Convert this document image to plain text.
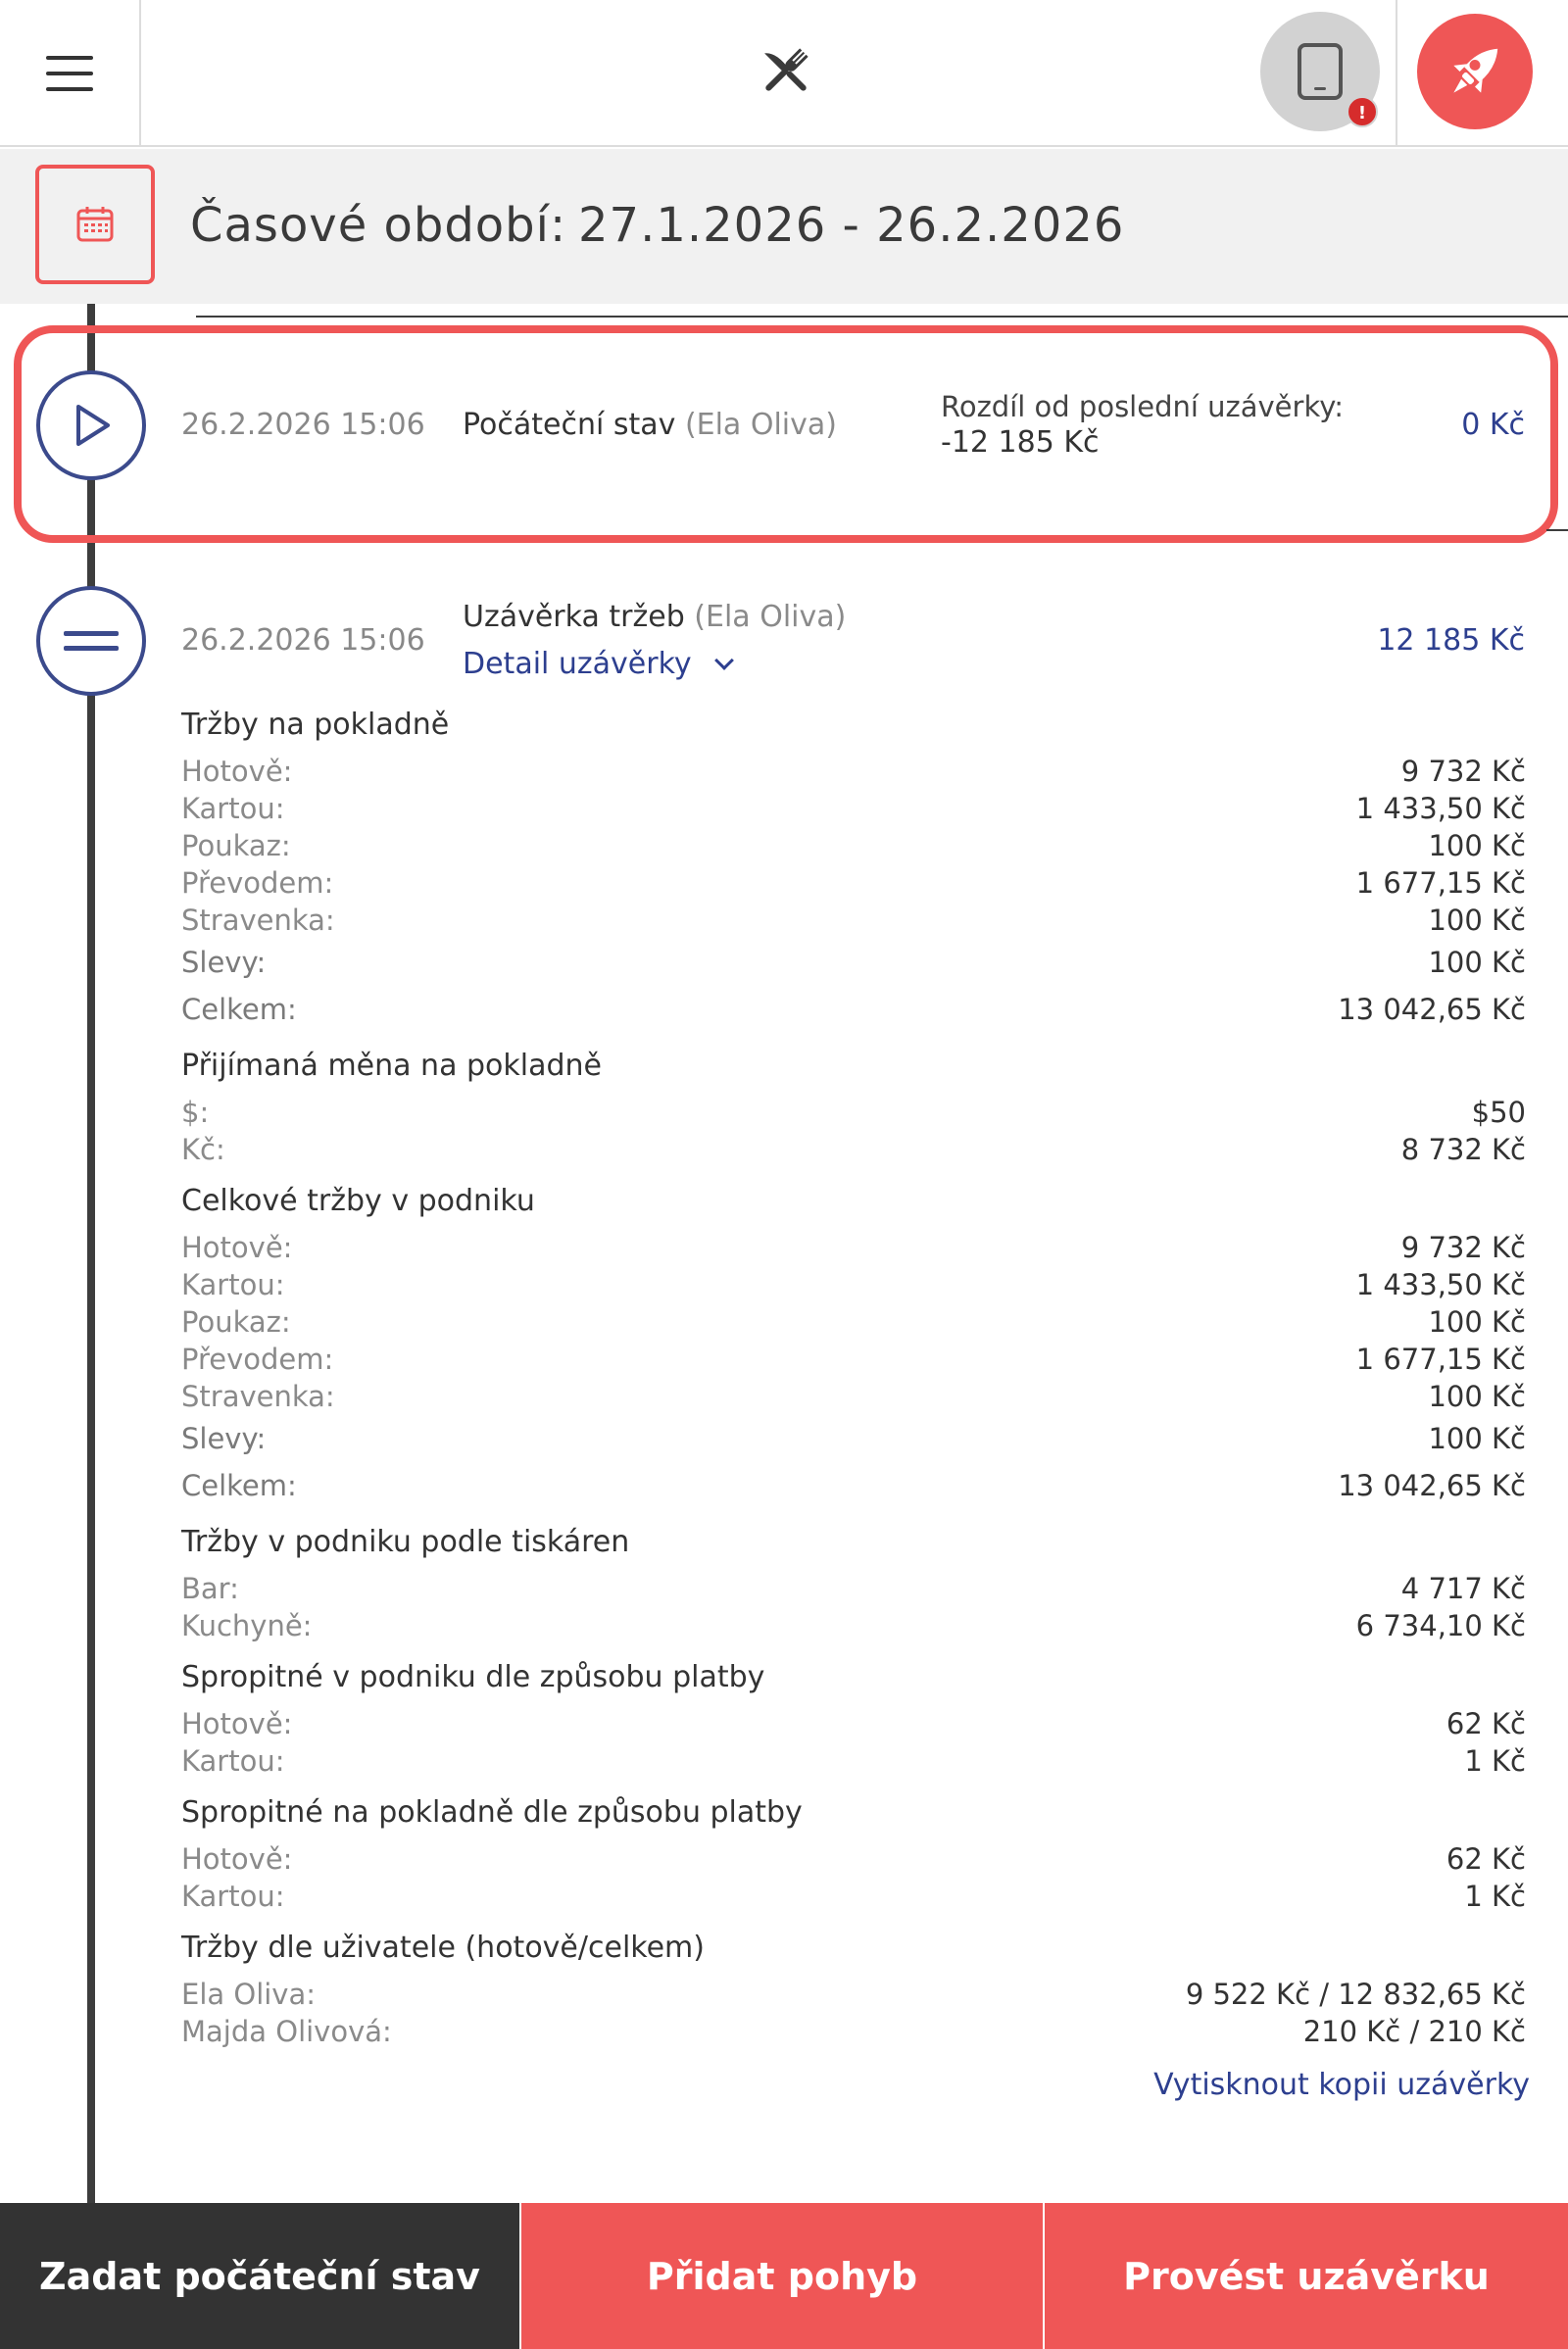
!
Časové období: 27.1.2026 - 26.2.2026
26.2.2026 15:06 Počáteční stav (Ela Oliva)
Rozdíl od poslední uzávěrky:
-12 185 Kč
0 Kč
26.2.2026 15:06
Uzávěrka tržeb (Ela Oliva)
Detail uzávěrky
12 185 Kč
Tržby na pokladně
Hotově:	9 732 Kč
Kartou:	1 433,50 Kč
Poukaz:	100 Kč
Převodem:	1 677,15 Kč
Stravenka:	100 Kč
Slevy:	100 Kč
Celkem:	13 042,65 Kč
Přijímaná měna na pokladně
$:	$50
Kč:	8 732 Kč
Celkové tržby v podniku
Hotově:	9 732 Kč
Kartou:	1 433,50 Kč
Poukaz:	100 Kč
Převodem:	1 677,15 Kč
Stravenka:	100 Kč
Slevy:	100 Kč
Celkem:	13 042,65 Kč
Tržby v podniku podle tiskáren
Bar:	4 717 Kč
Kuchyně:	6 734,10 Kč
Spropitné v podniku dle způsobu platby
Hotově:	62 Kč
Kartou:	1 Kč
Spropitné na pokladně dle způsobu platby
Hotově:	62 Kč
Kartou:	1 Kč
Tržby dle uživatele (hotově/celkem)
Ela Oliva:	9 522 Kč / 12 832,65 Kč
Majda Olivová:	210 Kč / 210 Kč
Vytisknout kopii uzávěrky
Zadat počáteční stav	Přidat pohyb	Provést uzávěrku
